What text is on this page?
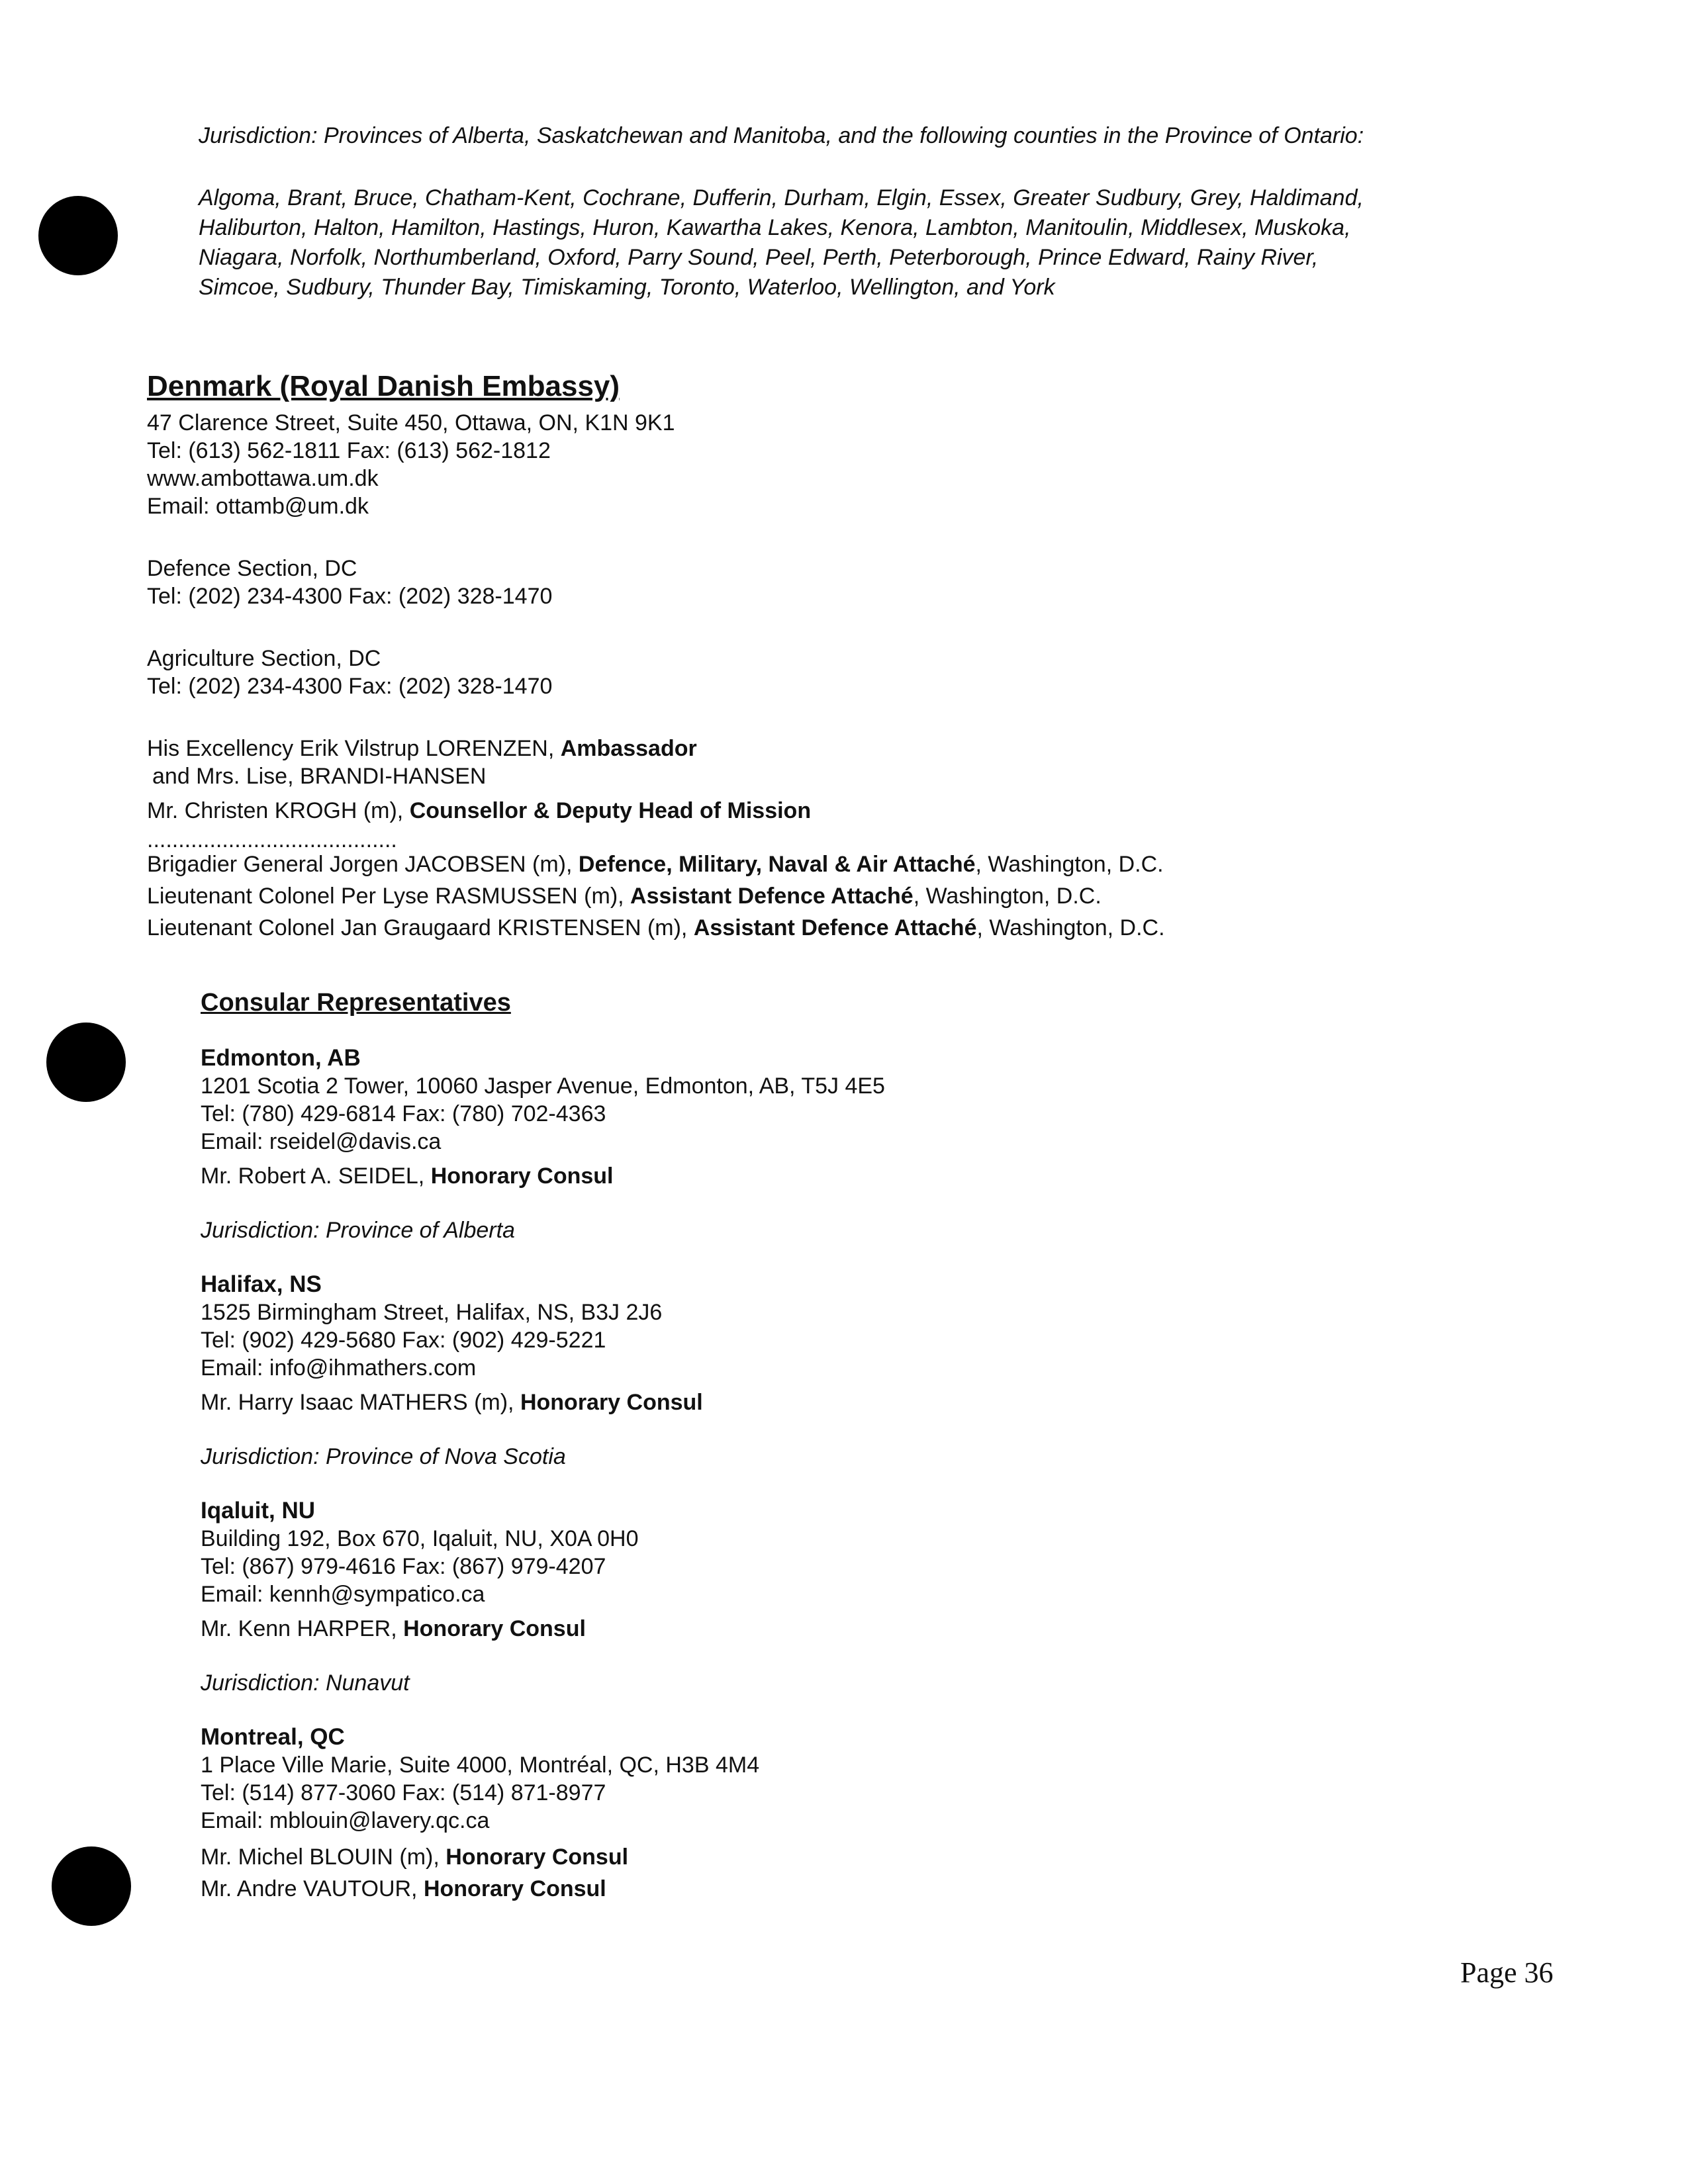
Jurisdiction: Provinces of Alberta, Saskatchewan and Manitoba, and the following counties in the Province of Ontario:
Algoma, Brant, Bruce, Chatham-Kent, Cochrane, Dufferin, Durham, Elgin, Essex, Greater Sudbury, Grey, Haldimand,
Haliburton, Halton, Hamilton, Hastings, Huron, Kawartha Lakes, Kenora, Lambton, Manitoulin, Middlesex, Muskoka,
Niagara, Norfolk, Northumberland, Oxford, Parry Sound, Peel, Perth, Peterborough, Prince Edward, Rainy River,
Simcoe, Sudbury, Thunder Bay, Timiskaming, Toronto, Waterloo, Wellington, and York
Denmark (Royal Danish Embassy)
47 Clarence Street, Suite 450, Ottawa, ON, K1N 9K1
Tel: (613) 562-1811 Fax: (613) 562-1812
www.ambottawa.um.dk
Email: ottamb@um.dk
Defence Section, DC
Tel: (202) 234-4300 Fax: (202) 328-1470
Agriculture Section, DC
Tel: (202) 234-4300 Fax: (202) 328-1470
His Excellency Erik Vilstrup LORENZEN, Ambassador
and Mrs. Lise, BRANDI-HANSEN
Mr. Christen KROGH (m), Counsellor & Deputy Head of Mission
........................................
Brigadier General Jorgen JACOBSEN (m), Defence, Military, Naval & Air Attaché, Washington, D.C.
Lieutenant Colonel Per Lyse RASMUSSEN (m), Assistant Defence Attaché, Washington, D.C.
Lieutenant Colonel Jan Graugaard KRISTENSEN (m), Assistant Defence Attaché, Washington, D.C.
Consular Representatives
Edmonton, AB
1201 Scotia 2 Tower, 10060 Jasper Avenue, Edmonton, AB, T5J 4E5
Tel: (780) 429-6814 Fax: (780) 702-4363
Email: rseidel@davis.ca
Mr. Robert A. SEIDEL, Honorary Consul
Jurisdiction: Province of Alberta
Halifax, NS
1525 Birmingham Street, Halifax, NS, B3J 2J6
Tel: (902) 429-5680 Fax: (902) 429-5221
Email: info@ihmathers.com
Mr. Harry Isaac MATHERS (m), Honorary Consul
Jurisdiction: Province of Nova Scotia
Iqaluit, NU
Building 192, Box 670, Iqaluit, NU, X0A 0H0
Tel: (867) 979-4616 Fax: (867) 979-4207
Email: kennh@sympatico.ca
Mr. Kenn HARPER, Honorary Consul
Jurisdiction: Nunavut
Montreal, QC
1 Place Ville Marie, Suite 4000, Montréal, QC, H3B 4M4
Tel: (514) 877-3060 Fax: (514) 871-8977
Email: mblouin@lavery.qc.ca
Mr. Michel BLOUIN (m), Honorary Consul
Mr. Andre VAUTOUR, Honorary Consul
Page 36
